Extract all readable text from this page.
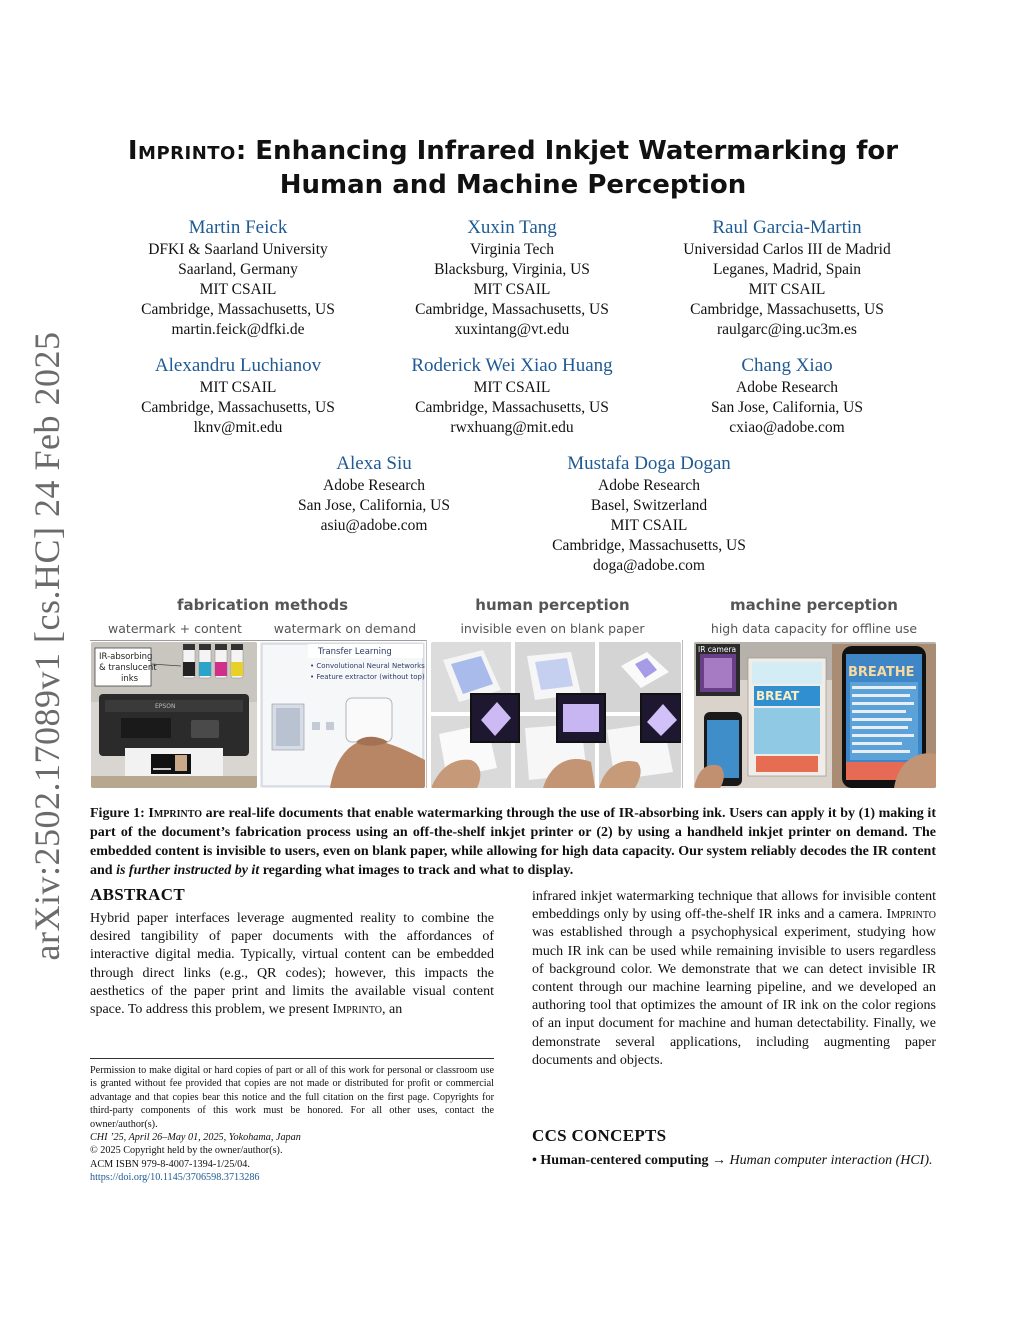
arXiv:2502.17089v1 [cs.HC] 24 Feb 2025
Imprinto: Enhancing Infrared Inkjet Watermarking for
Human and Machine Perception
Martin Feick
DFKI & Saarland University
Saarland, Germany
MIT CSAIL
Cambridge, Massachusetts, US
martin.feick@dfki.de
Xuxin Tang
Virginia Tech
Blacksburg, Virginia, US
MIT CSAIL
Cambridge, Massachusetts, US
xuxintang@vt.edu
Raul Garcia-Martin
Universidad Carlos III de Madrid
Leganes, Madrid, Spain
MIT CSAIL
Cambridge, Massachusetts, US
raulgarc@ing.uc3m.es
Alexandru Luchianov
MIT CSAIL
Cambridge, Massachusetts, US
lknv@mit.edu
Roderick Wei Xiao Huang
MIT CSAIL
Cambridge, Massachusetts, US
rwxhuang@mit.edu
Chang Xiao
Adobe Research
San Jose, California, US
cxiao@adobe.com
Alexa Siu
Adobe Research
San Jose, California, US
asiu@adobe.com
Mustafa Doga Dogan
Adobe Research
Basel, Switzerland
MIT CSAIL
Cambridge, Massachusetts, US
doga@adobe.com
fabrication methods	human perception	machine perception
watermark + content	watermark on demand	invisible even on blank paper	high data capacity for offline use
IR-absorbing
& translucent
inks
EPSON
Transfer Learning
• Convolutional Neural Networks
• Feature extractor (without top)
IR camera
BREAT
BREATHE
Figure 1: Imprinto are real-life documents that enable watermarking through the use of IR-absorbing ink. Users can apply it by (1) making it part of the document’s fabrication process using an off-the-shelf inkjet printer or (2) by using a handheld inkjet printer on demand. The embedded content is invisible to users, even on blank paper, while allowing for high data capacity. Our system reliably decodes the IR content and is further instructed by it regarding what images to track and what to display.
ABSTRACT
Hybrid paper interfaces leverage augmented reality to combine the desired tangibility of paper documents with the affordances of interactive digital media. Typically, virtual content can be embedded through direct links (e.g., QR codes); however, this impacts the aesthetics of the paper print and limits the available visual content space. To address this problem, we present Imprinto, an
infrared inkjet watermarking technique that allows for invisible content embeddings only by using off-the-shelf IR inks and a camera. Imprinto was established through a psychophysical experiment, studying how much IR ink can be used while remaining invisible to users regardless of background color. We demonstrate that we can detect invisible IR content through our machine learning pipeline, and we developed an authoring tool that optimizes the amount of IR ink on the color regions of an input document for machine and human detectability. Finally, we demonstrate several applications, including augmenting paper documents and objects.
Permission to make digital or hard copies of part or all of this work for personal or classroom use is granted without fee provided that copies are not made or distributed for profit or commercial advantage and that copies bear this notice and the full citation on the first page. Copyrights for third-party components of this work must be honored. For all other uses, contact the owner/author(s).
CHI ’25, April 26–May 01, 2025, Yokohama, Japan
© 2025 Copyright held by the owner/author(s).
ACM ISBN 979-8-4007-1394-1/25/04.
https://doi.org/10.1145/3706598.3713286
CCS CONCEPTS
• Human-centered computing → Human computer interaction (HCI).
